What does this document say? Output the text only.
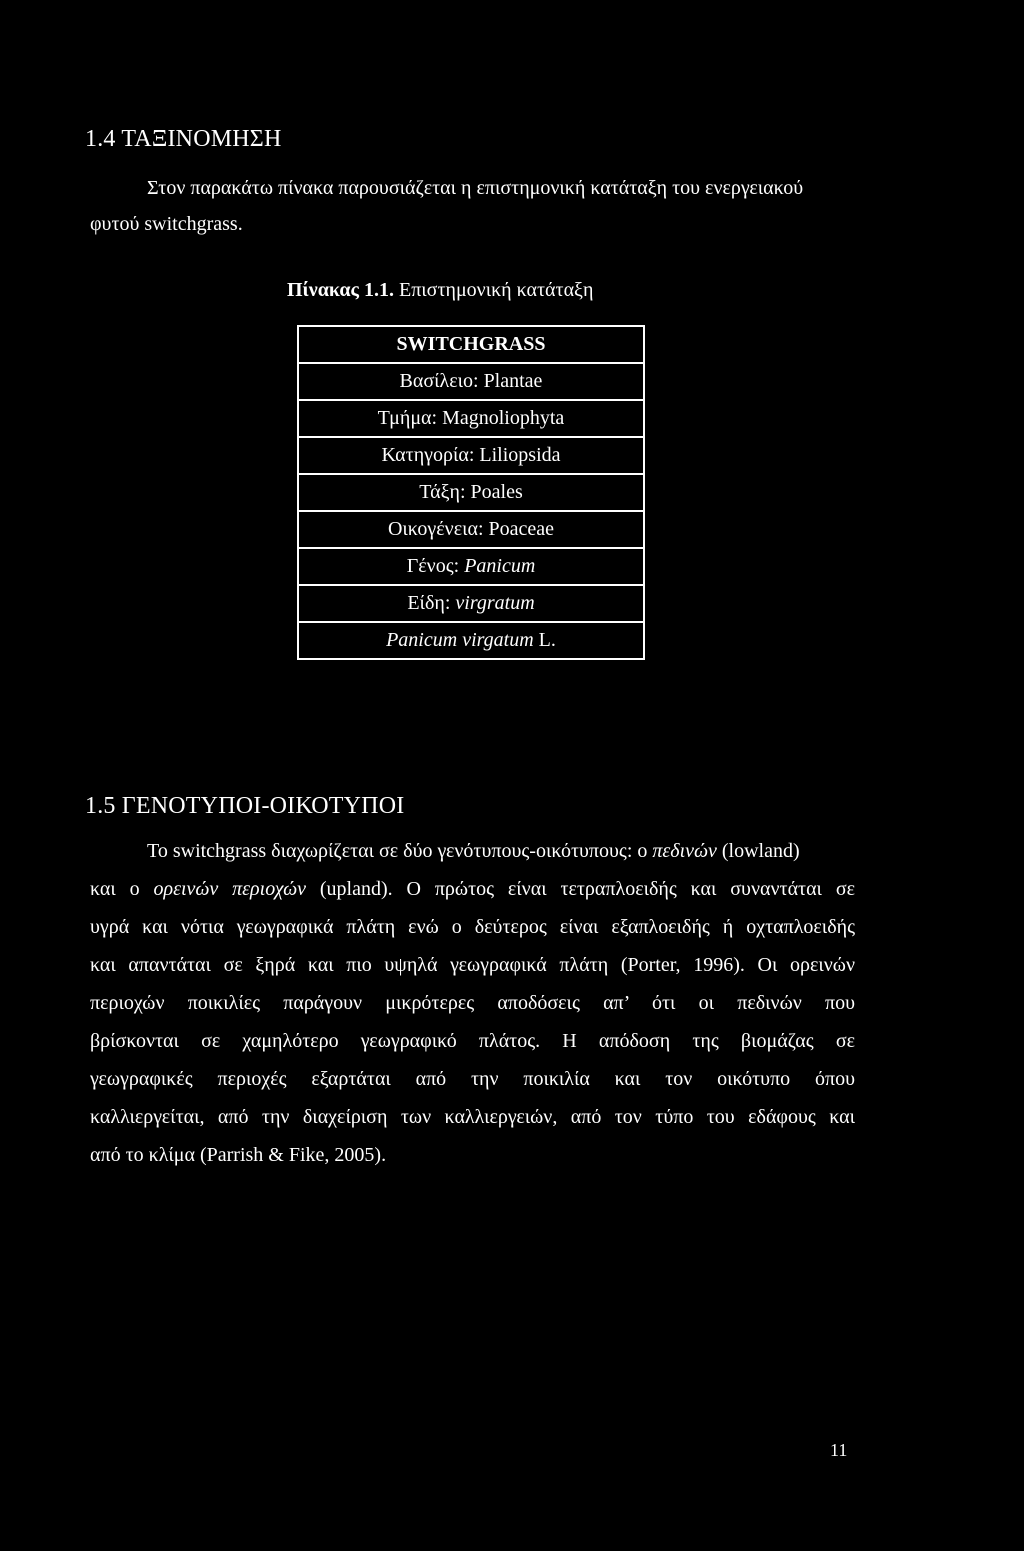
1.4 ΤΑΞΙΝΟΜΗΣΗ
Στον παρακάτω πίνακα παρουσιάζεται η επιστημονική κατάταξη του ενεργειακού
φυτού switchgrass.
Πίνακας 1.1. Επιστημονική κατάταξη
SWITCHGRASS
Βασίλειο: Plantae
Τμήμα: Magnoliophyta
Κατηγορία: Liliopsida
Τάξη: Poales
Οικογένεια: Poaceae
Γένος: Panicum
Είδη: virgratum
Panicum virgatum L.
1.5 ΓΕΝΟΤΥΠΟΙ-ΟΙΚΟΤΥΠΟΙ
Το switchgrass διαχωρίζεται σε δύο γενότυπους-οικότυπους: ο πεδινών (lowland)
και ο ορεινών περιοχών (upland). Ο πρώτος είναι τετραπλοειδής και συναντάται σε
υγρά και νότια γεωγραφικά πλάτη ενώ ο δεύτερος είναι εξαπλοειδής ή οχταπλοειδής
και απαντάται σε ξηρά και πιο υψηλά γεωγραφικά πλάτη (Porter, 1996). Οι ορεινών
περιοχών ποικιλίες παράγουν μικρότερες αποδόσεις απ’ ότι οι πεδινών που
βρίσκονται σε χαμηλότερο γεωγραφικό πλάτος. Η απόδοση της βιομάζας σε
γεωγραφικές περιοχές εξαρτάται από την ποικιλία και τον οικότυπο όπου
καλλιεργείται, από την διαχείριση των καλλιεργειών, από τον τύπο του εδάφους και
από το κλίμα (Parrish & Fike, 2005).
11
